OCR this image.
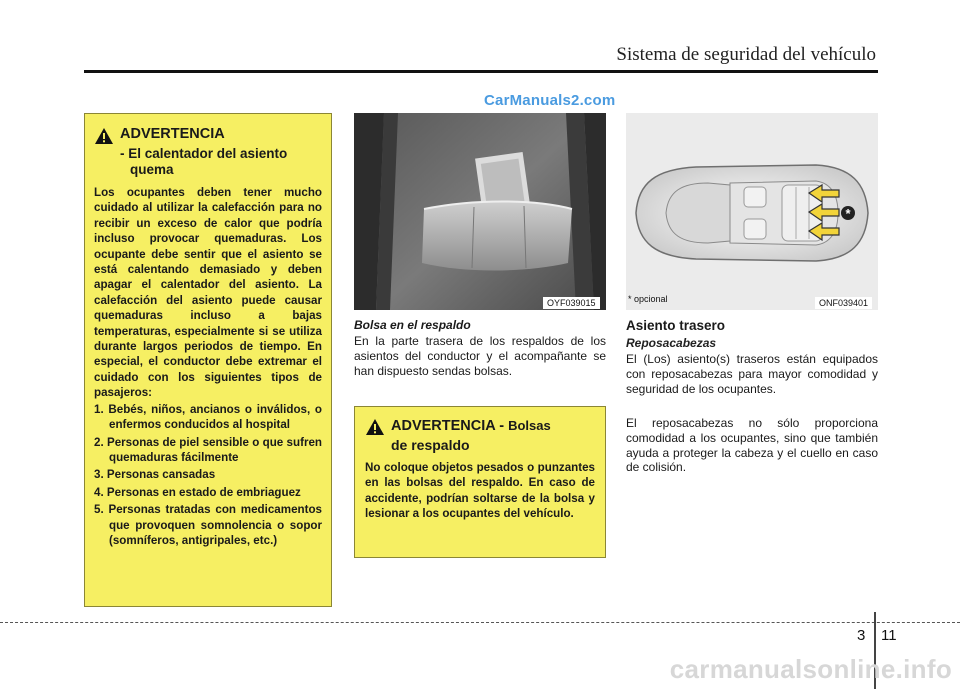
Sistema de seguridad del vehículo
CarManuals2.com
ADVERTENCIA
- El calentador del asiento quema
Los ocupantes deben tener mucho cuidado al utilizar la calefacción para no recibir un exceso de calor que podría incluso provocar quemaduras. Los ocupante debe sentir que el asiento se está calentando demasiado y deben apagar el calentador del asiento. La calefacción del asiento puede causar quemaduras incluso a bajas temperaturas, especialmente si se utiliza durante largos periodos de tiempo. En especial, el conductor debe extremar el cuidado con los siguientes tipos de pasajeros:
1. Bebés, niños, ancianos o inválidos, o enfermos conducidos al hospital
2. Personas de piel sensible o que sufren quemaduras fácilmente
3. Personas cansadas
4. Personas en estado de embriaguez
5. Personas tratadas con medicamentos que provoquen somnolencia o sopor (somníferos, antigripales, etc.)
OYF039015
Bolsa en el respaldo
En la parte trasera de los respaldos de los asientos del conductor y el acompañante se han dispuesto sendas bolsas.
ADVERTENCIA - Bolsas
de respaldo
No coloque objetos pesados o punzantes en las bolsas del respaldo. En caso de accidente, podrían soltarse de la bolsa y lesionar a los ocupantes del vehículo.
*
ONF039401
* opcional
Asiento trasero
Reposacabezas
El (Los) asiento(s) traseros están equipados con reposacabezas para mayor comodidad y seguridad de los ocupantes.
El reposacabezas no sólo proporciona comodidad a los ocupantes, sino que también ayuda a proteger la cabeza y el cuello en caso de colisión.
3 11
carmanualsonline.info
